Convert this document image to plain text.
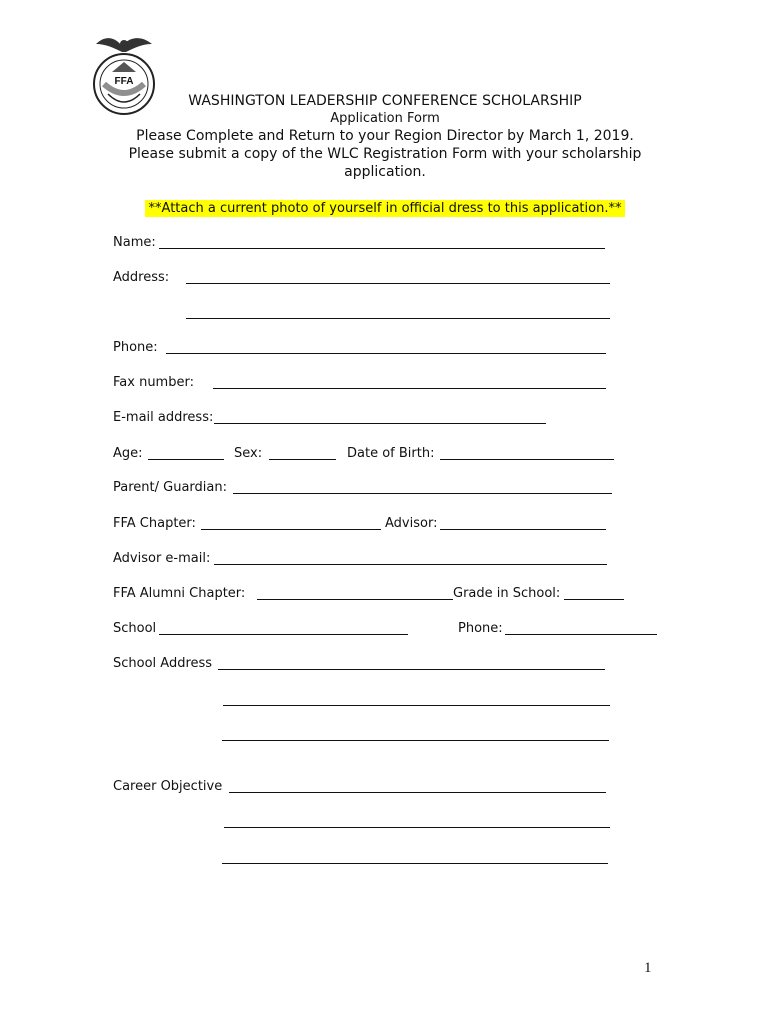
FFA
WASHINGTON LEADERSHIP CONFERENCE SCHOLARSHIP
Application Form
Please Complete and Return to your Region Director by March 1, 2019.
Please submit a copy of the WLC Registration Form with your scholarship
application.
**Attach a current photo of yourself in official dress to this application.**
Name:
Address:
Phone:
Fax number:
E-mail address:
Age:	Sex:	Date of Birth:
Parent/ Guardian:
FFA Chapter:	Advisor:
Advisor e-mail:
FFA Alumni Chapter:	Grade in School:
School	Phone:
School Address
Career Objective
1
